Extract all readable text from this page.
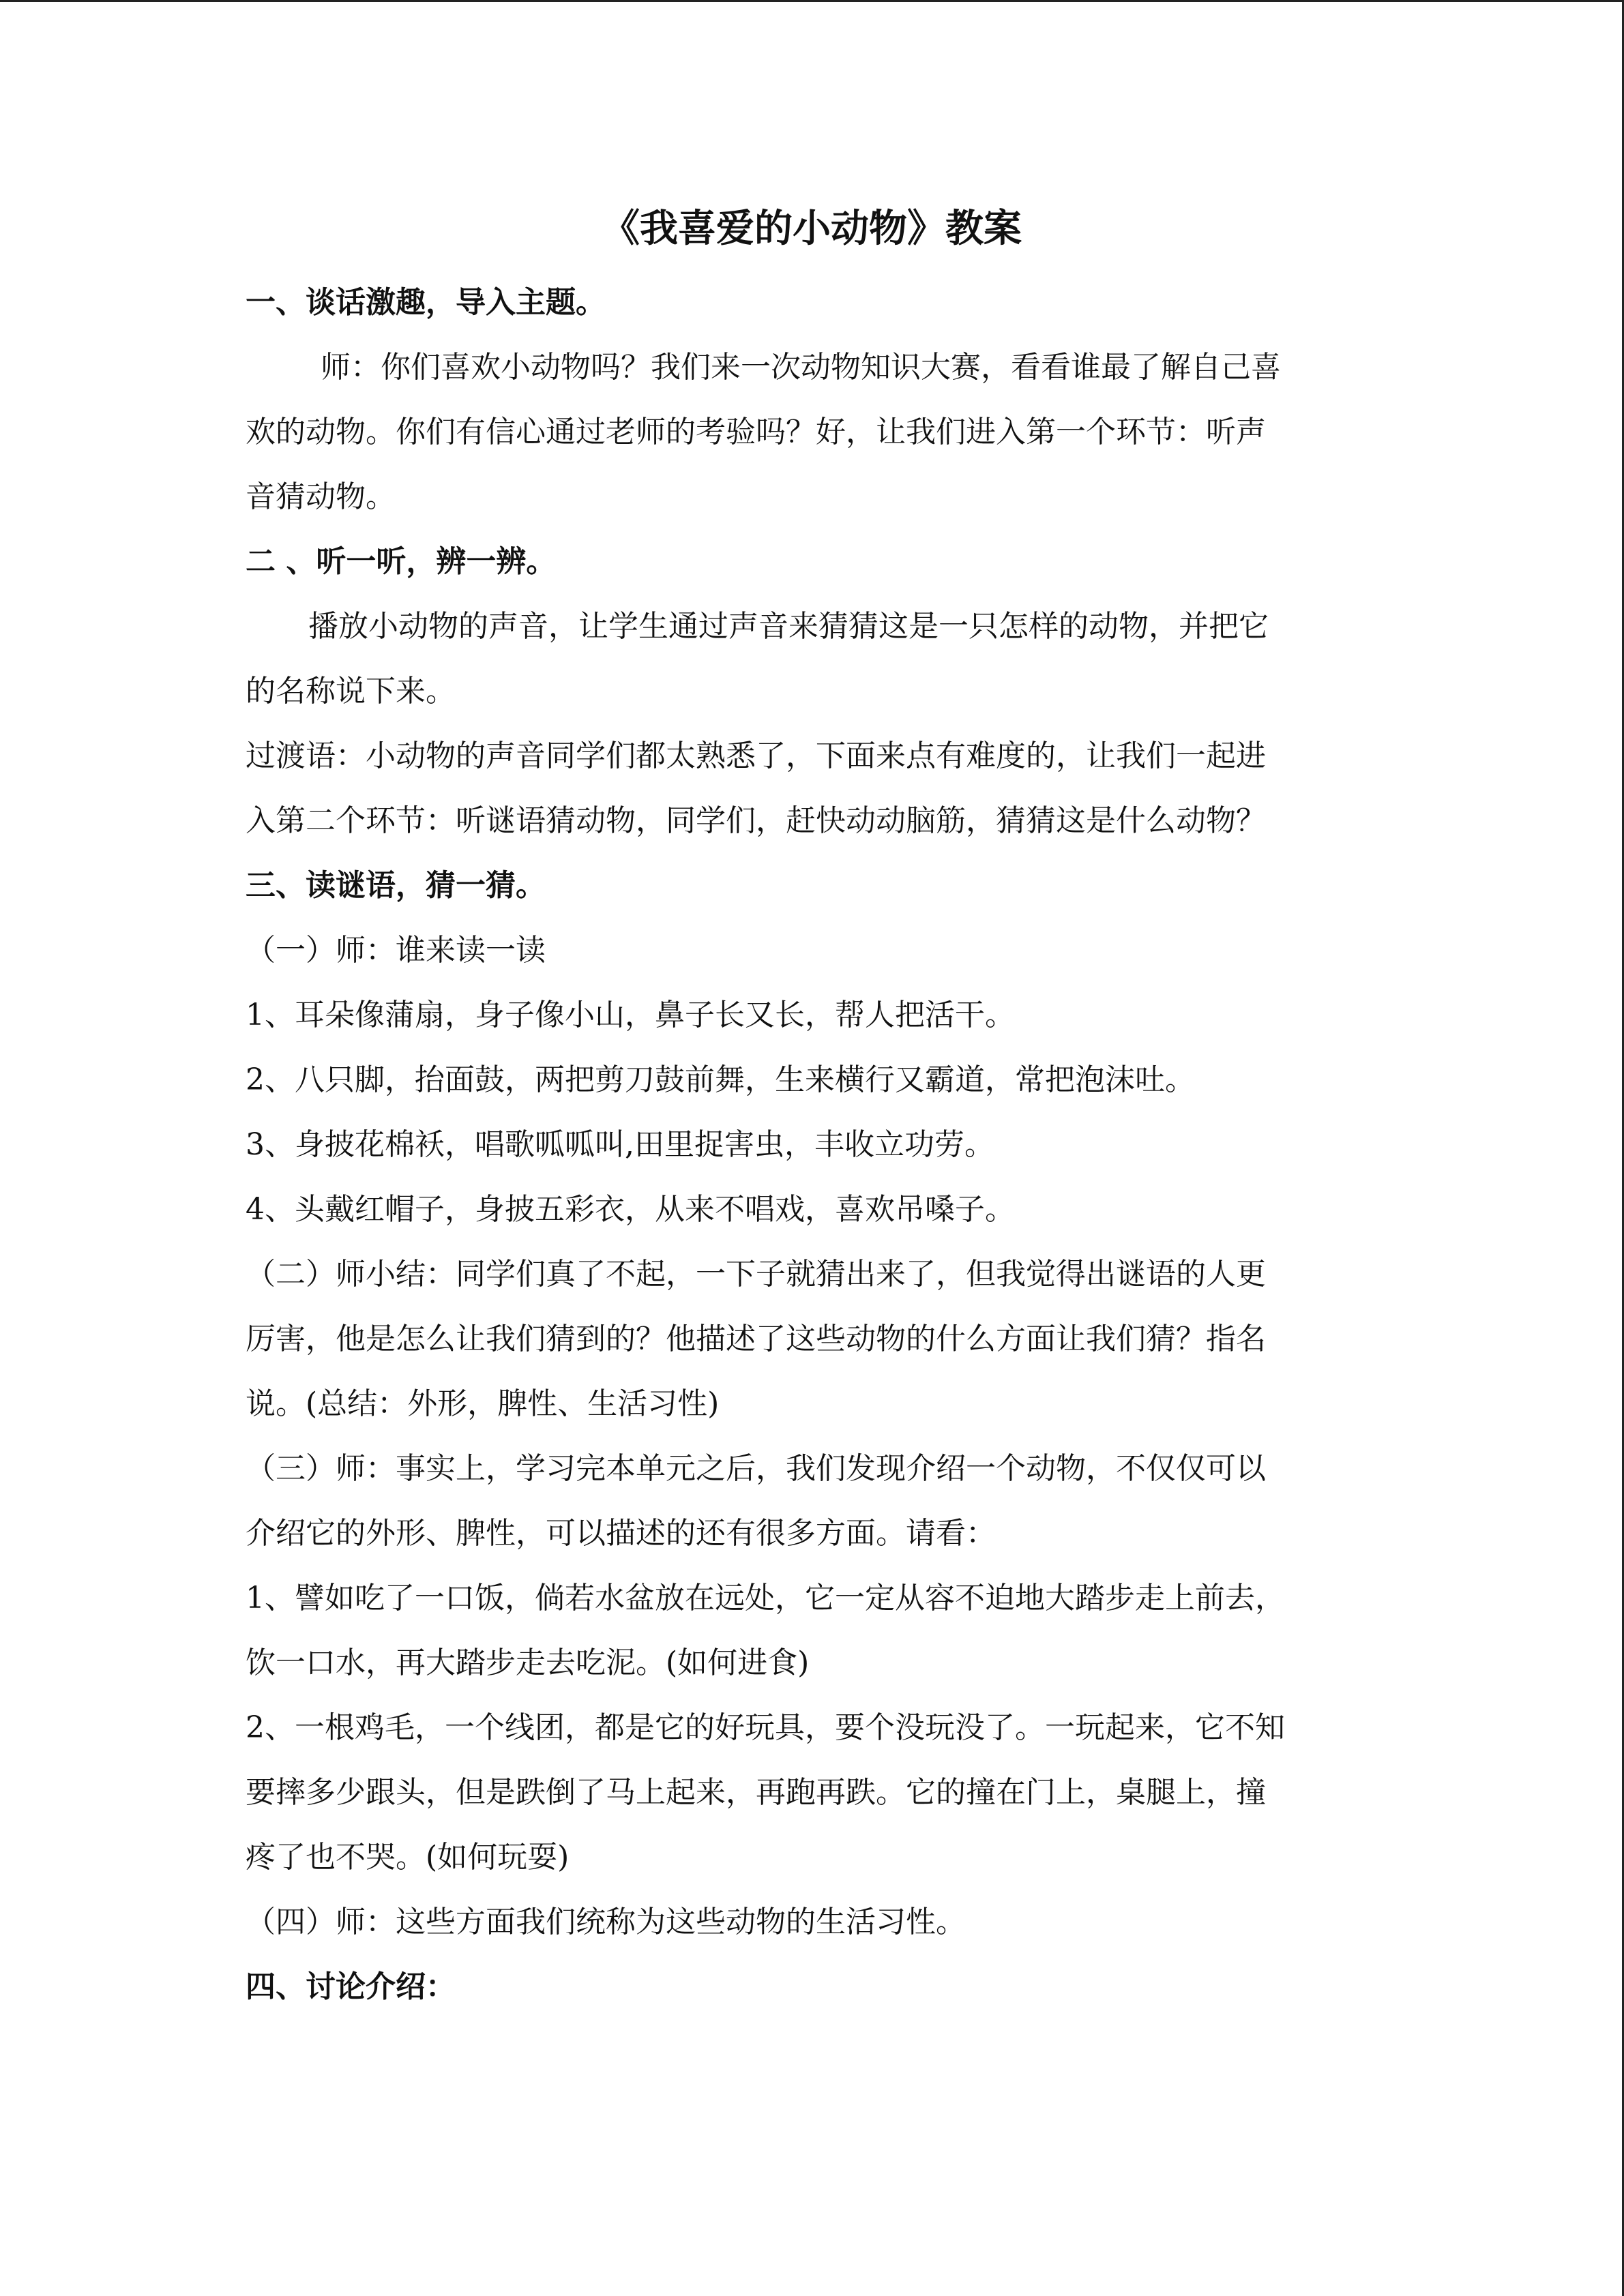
《我喜爱的小动物》教案
一、谈话激趣，导入主题。
师：你们喜欢小动物吗？我们来一次动物知识大赛，看看谁最了解自己喜
欢的动物。你们有信心通过老师的考验吗？好，让我们进入第一个环节：听声
音猜动物。
二 、听一听，辨一辨。
播放小动物的声音，让学生通过声音来猜猜这是一只怎样的动物，并把它
的名称说下来。
过渡语：小动物的声音同学们都太熟悉了，下面来点有难度的，让我们一起进
入第二个环节：听谜语猜动物，同学们，赶快动动脑筋，猜猜这是什么动物？
三、读谜语，猜一猜。
（一）师：谁来读一读
1、耳朵像蒲扇，身子像小山，鼻子长又长，帮人把活干。
2、八只脚，抬面鼓，两把剪刀鼓前舞，生来横行又霸道，常把泡沫吐。
3、身披花棉袄，唱歌呱呱叫,田里捉害虫，丰收立功劳。
4、头戴红帽子，身披五彩衣，从来不唱戏，喜欢吊嗓子。
（二）师小结：同学们真了不起，一下子就猜出来了，但我觉得出谜语的人更
厉害，他是怎么让我们猜到的？他描述了这些动物的什么方面让我们猜？指名
说。(总结：外形，脾性、生活习性)
（三）师：事实上，学习完本单元之后，我们发现介绍一个动物，不仅仅可以
介绍它的外形、脾性，可以描述的还有很多方面。请看：
1、譬如吃了一口饭，倘若水盆放在远处，它一定从容不迫地大踏步走上前去，
饮一口水，再大踏步走去吃泥。(如何进食)
2、一根鸡毛，一个线团，都是它的好玩具，要个没玩没了。一玩起来，它不知
要摔多少跟头，但是跌倒了马上起来，再跑再跌。它的撞在门上，桌腿上，撞
疼了也不哭。(如何玩耍)
（四）师：这些方面我们统称为这些动物的生活习性。
四、讨论介绍：
